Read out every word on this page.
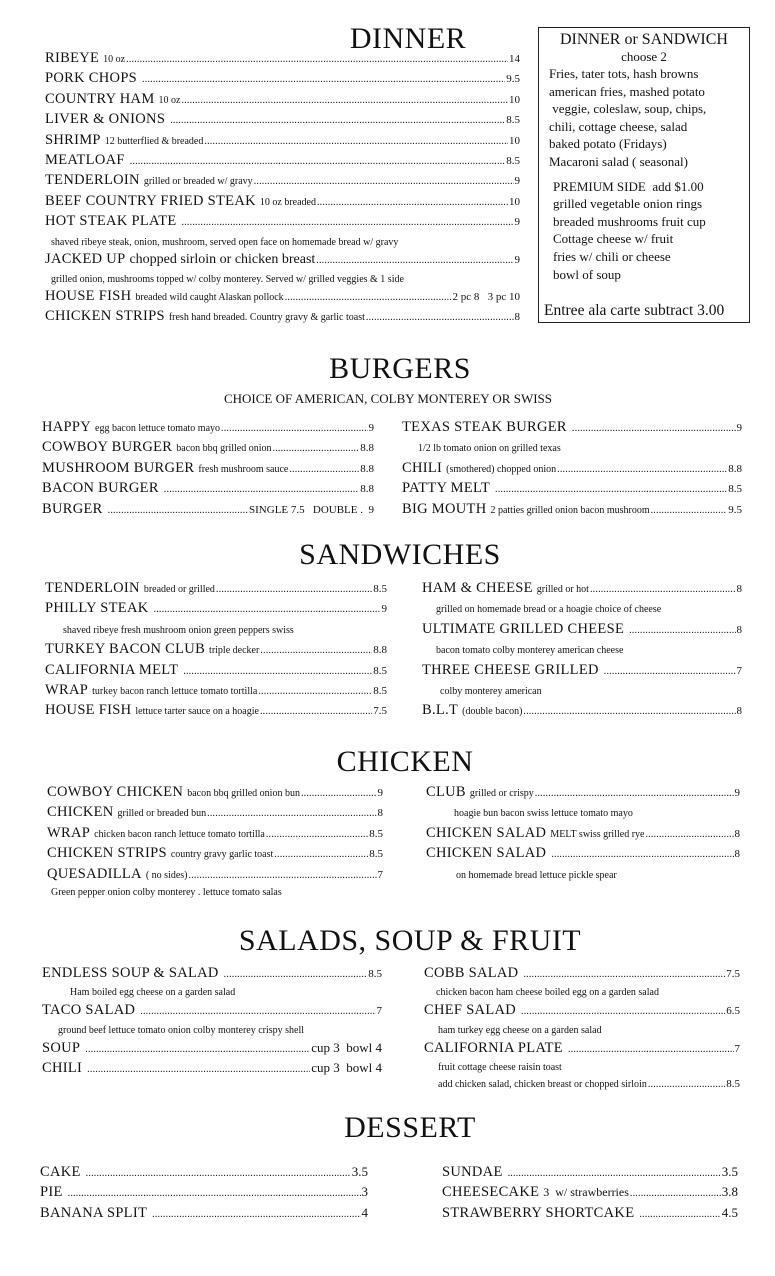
DINNER
RIBEYE 10 oz .....	14
PORK CHOPS .....	9.5
COUNTRY HAM 10 oz .....	10
LIVER & ONIONS .....	8.5
SHRIMP 12 butterflied & breaded .....	10
MEATLOAF .....	8.5
TENDERLOIN grilled or breaded w/ gravy .....	9
BEEF COUNTRY FRIED STEAK 10 oz breaded .....	10
HOT STEAK PLATE .....	9
shaved ribeye steak, onion, mushroom, served open face on homemade bread w/ gravy
JACKED UP chopped sirloin or chicken breast .....	9
grilled onion, mushrooms topped w/ colby monterey. Served w/ grilled veggies & 1 side
HOUSE FISH breaded wild caught Alaskan pollock .....	2 pc 8   3 pc 10
CHICKEN STRIPS fresh hand breaded. Country gravy & garlic toast .....	8
DINNER or SANDWICH
choose 2
Fries, tater tots, hash browns
american fries, mashed potato
veggie, coleslaw, soup, chips,
chili, cottage cheese, salad
baked potato (Fridays)
Macaroni salad ( seasonal)
PREMIUM SIDE  add $1.00
grilled vegetable onion rings
breaded mushrooms fruit cup
Cottage cheese w/ fruit
fries w/ chili or cheese
bowl of soup
Entree ala carte subtract 3.00
BURGERS
CHOICE OF AMERICAN, COLBY MONTEREY OR SWISS
HAPPY egg bacon lettuce tomato mayo .....	9
COWBOY BURGER bacon bbq grilled onion .....	8.8
MUSHROOM BURGER fresh mushroom sauce .....	8.8
BACON BURGER .....	8.8
BURGER .....	SINGLE 7.5   DOUBLE .  9
TEXAS STEAK BURGER .....	9
1/2 lb tomato onion on grilled texas
CHILI (smothered) chopped onion .....	8.8
PATTY MELT .....	8.5
BIG MOUTH 2 patties grilled onion bacon mushroom .....	9.5
SANDWICHES
TENDERLOIN breaded or grilled .....	8.5
PHILLY STEAK .....	9
shaved ribeye fresh mushroom onion green peppers swiss
TURKEY BACON CLUB triple decker .....	8.8
CALIFORNIA MELT .....	8.5
WRAP turkey bacon ranch lettuce tomato tortilla .....	8.5
HOUSE FISH lettuce tarter sauce on a hoagie .....	7.5
HAM & CHEESE grilled or hot .....	8
grilled on homemade bread or a hoagie choice of cheese
ULTIMATE GRILLED CHEESE .....	8
bacon tomato colby monterey american cheese
THREE CHEESE GRILLED .....	7
colby monterey american
B.L.T (double bacon) .....	8
CHICKEN
COWBOY CHICKEN bacon bbq grilled onion bun .....	9
CHICKEN grilled or breaded bun .....	8
WRAP chicken bacon ranch lettuce tomato tortilla .....	8.5
CHICKEN STRIPS country gravy garlic toast .....	8.5
QUESADILLA ( no sides) .....	7
Green pepper onion colby monterey . lettuce tomato salas
CLUB grilled or crispy .....	9
hoagie bun bacon swiss lettuce tomato mayo
CHICKEN SALAD MELT swiss grilled rye .....	8
CHICKEN SALAD .....	8
on homemade bread lettuce pickle spear
SALADS, SOUP & FRUIT
ENDLESS SOUP & SALAD .....	8.5
Ham boiled egg cheese on a garden salad
TACO SALAD .....	7
ground beef lettuce tomato onion colby monterey crispy shell
SOUP .....	cup 3  bowl 4
CHILI .....	cup 3  bowl 4
COBB SALAD .....	7.5
chicken bacon ham cheese boiled egg on a garden salad
CHEF SALAD .....	6.5
ham turkey egg cheese on a garden salad
CALIFORNIA PLATE .....	7
fruit cottage cheese raisin toast
add chicken salad, chicken breast or chopped sirloin .....	8.5
DESSERT
CAKE .....	3.5
PIE .....	3
BANANA SPLIT .....	4
SUNDAE .....	3.5
CHEESECAKE 3  w/ strawberries .....	3.8
STRAWBERRY SHORTCAKE .....	4.5
